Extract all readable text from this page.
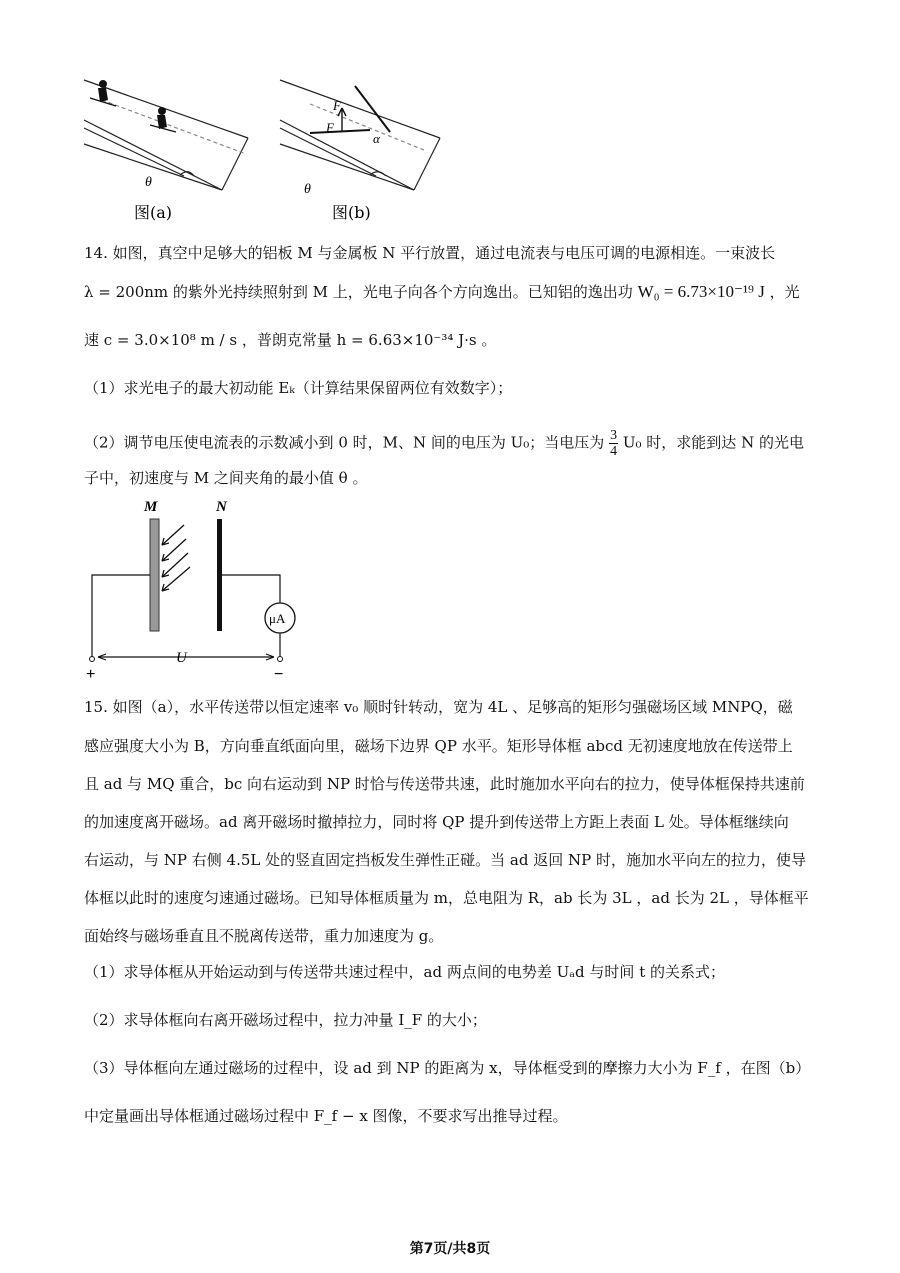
θ
图(a)
F
F
α
θ
图(b)
14. 如图，真空中足够大的铝板 M 与金属板 N 平行放置，通过电流表与电压可调的电源相连。一束波长
λ = 200nm 的紫外光持续照射到 M 上，光电子向各个方向逸出。已知铝的逸出功 W₀ = 6.73×10⁻¹⁹ J ，光
速 c = 3.0×10⁸ m / s ，普朗克常量 h = 6.63×10⁻³⁴ J·s 。
（1）求光电子的最大初动能 Eₖ（计算结果保留两位有效数字）；
（2）调节电压使电流表的示数减小到 0 时，M、N 间的电压为 U₀；当电压为 $\frac{3}{4} U_0$ 时，求能到达 N 的光电
子中，初速度与 M 之间夹角的最小值 θ 。
M	N
μA
U
+	−
15. 如图（a），水平传送带以恒定速率 v₀ 顺时针转动，宽为 4L 、足够高的矩形匀强磁场区域 MNPQ，磁
感应强度大小为 B，方向垂直纸面向里，磁场下边界 QP 水平。矩形导体框 abcd 无初速度地放在传送带上
且 ad 与 MQ 重合，bc 向右运动到 NP 时恰与传送带共速，此时施加水平向右的拉力，使导体框保持共速前
的加速度离开磁场。ad 离开磁场时撤掉拉力，同时将 QP 提升到传送带上方距上表面 L 处。导体框继续向
右运动，与 NP 右侧 4.5L 处的竖直固定挡板发生弹性正碰。当 ad 返回 NP 时，施加水平向左的拉力，使导
体框以此时的速度匀速通过磁场。已知导体框质量为 m，总电阻为 R，ab 长为 3L ，ad 长为 2L ，导体框平
面始终与磁场垂直且不脱离传送带，重力加速度为 g。
（1）求导体框从开始运动到与传送带共速过程中，ad 两点间的电势差 Uₐd 与时间 t 的关系式；
（2）求导体框向右离开磁场过程中，拉力冲量 I_F 的大小；
（3）导体框向左通过磁场的过程中，设 ad 到 NP 的距离为 x，导体框受到的摩擦力大小为 F_f ，在图（b）
中定量画出导体框通过磁场过程中 F_f − x 图像，不要求写出推导过程。
第7页/共8页
